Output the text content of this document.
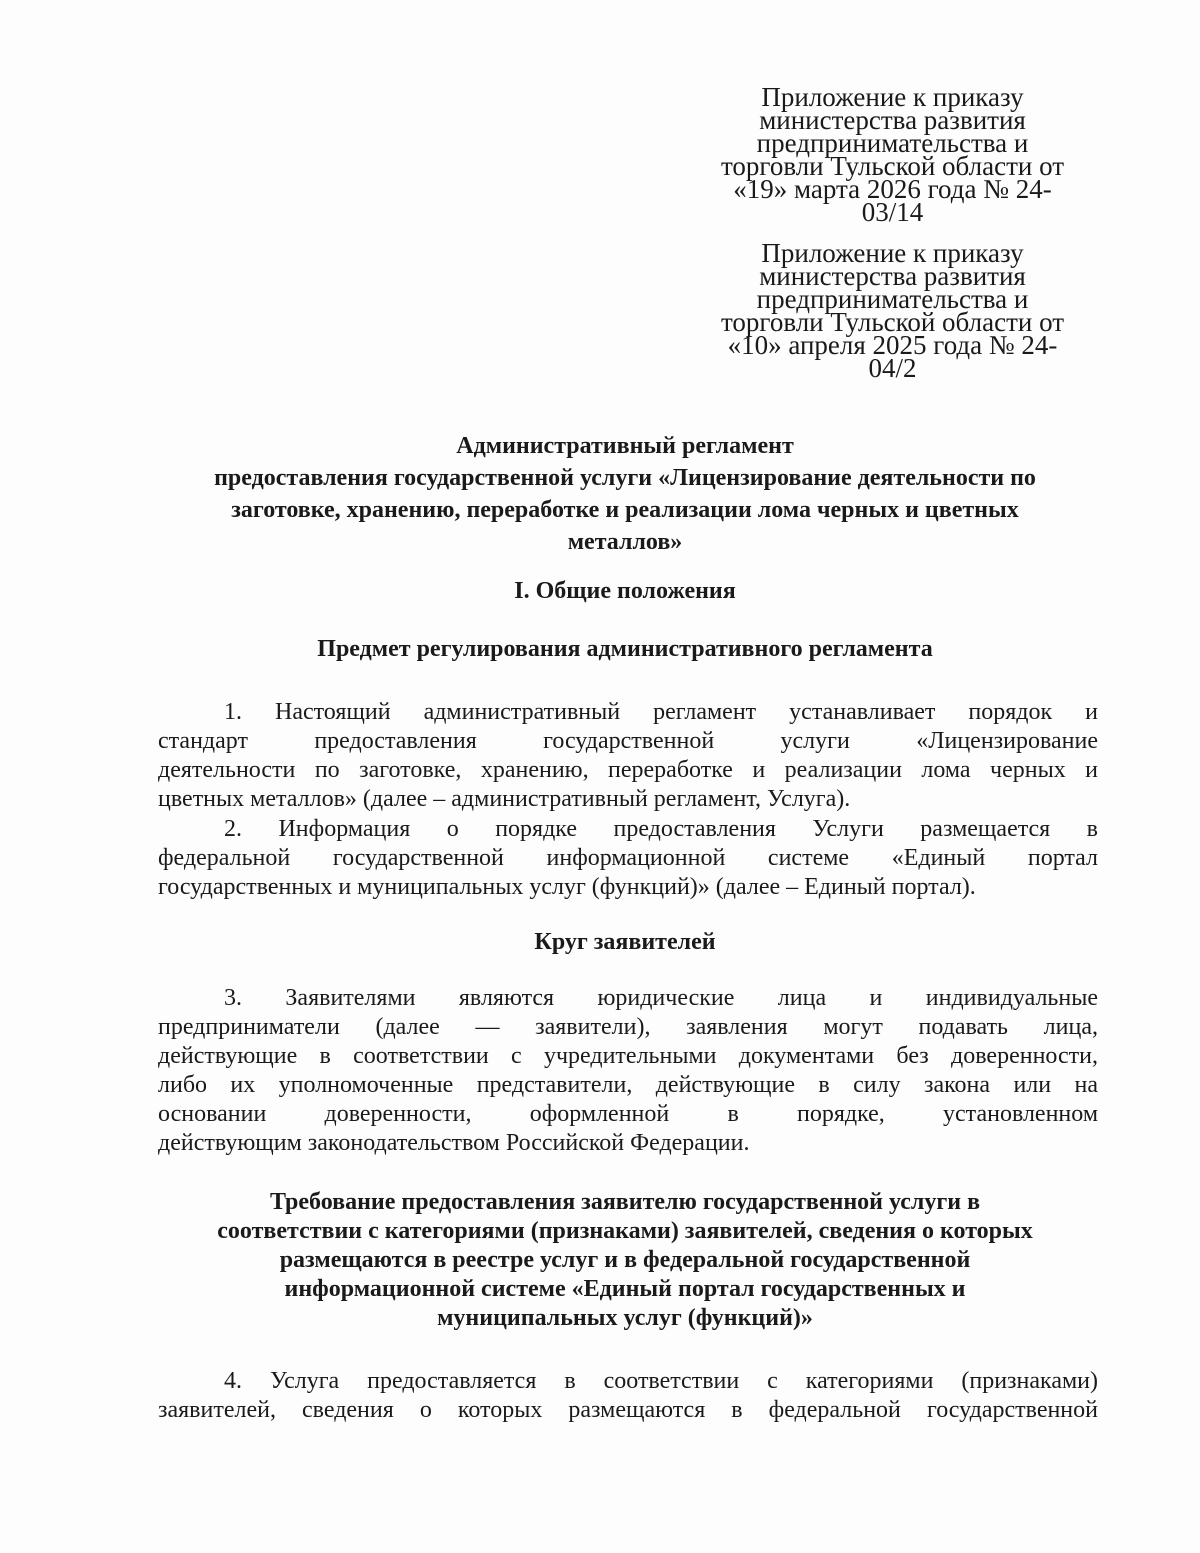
Приложение к приказу
министерства развития
предпринимательства и
торговли Тульской области от
«19» марта 2026 года № 24-
03/14
Приложение к приказу
министерства развития
предпринимательства и
торговли Тульской области от
«10» апреля 2025 года № 24-
04/2
Административный регламент
предоставления государственной услуги «Лицензирование деятельности по
заготовке, хранению, переработке и реализации лома черных и цветных
металлов»
I. Общие положения
Предмет регулирования административного регламента
1. Настоящий административный регламент устанавливает порядок и
стандарт предоставления государственной услуги «Лицензирование
деятельности по заготовке, хранению, переработке и реализации лома черных и
цветных металлов» (далее – административный регламент, Услуга).
2. Информация о порядке предоставления Услуги размещается в
федеральной государственной информационной системе «Единый портал
государственных и муниципальных услуг (функций)» (далее – Единый портал).
Круг заявителей
3. Заявителями являются юридические лица и индивидуальные
предприниматели (далее — заявители), заявления могут подавать лица,
действующие в соответствии с учредительными документами без доверенности,
либо их уполномоченные представители, действующие в силу закона или на
основании доверенности, оформленной в порядке, установленном
действующим законодательством Российской Федерации.
Требование предоставления заявителю государственной услуги в
соответствии с категориями (признаками) заявителей, сведения о которых
размещаются в реестре услуг и в федеральной государственной
информационной системе «Единый портал государственных и
муниципальных услуг (функций)»
4. Услуга предоставляется в соответствии с категориями (признаками)
заявителей, сведения о которых размещаются в федеральной государственной
